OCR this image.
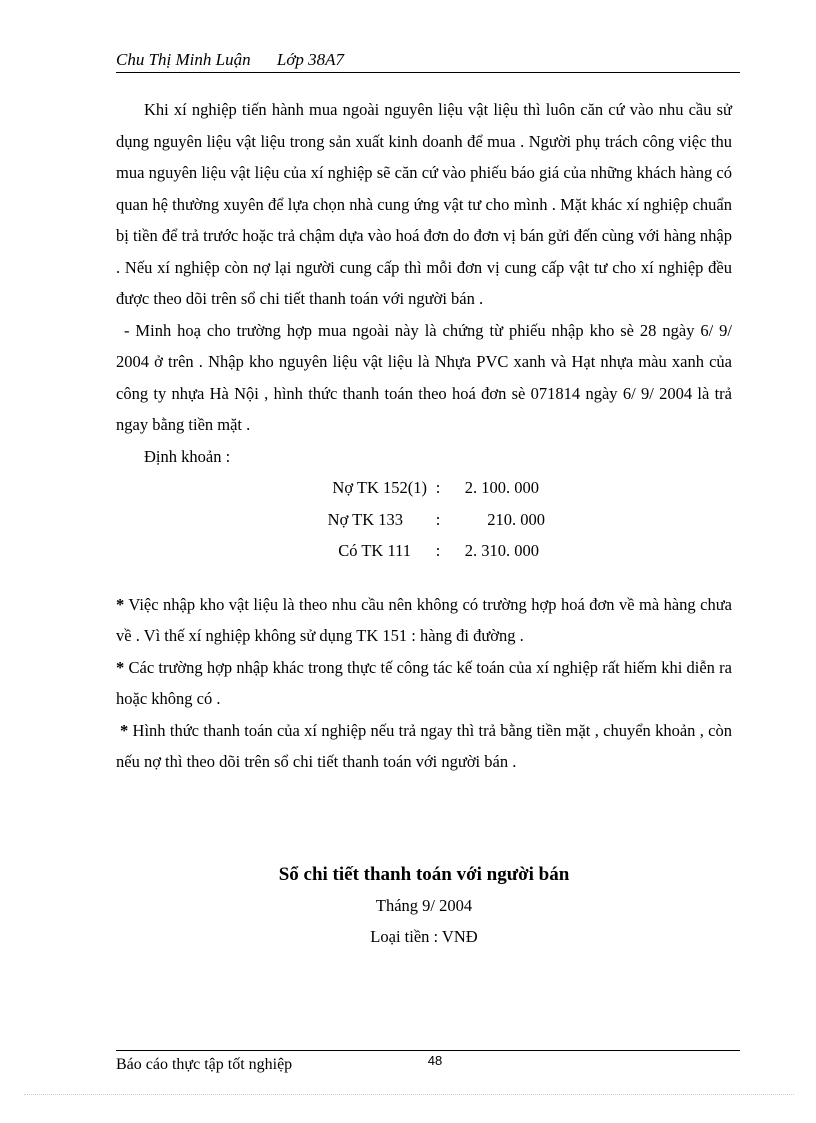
Chu Thị Minh Luận Lớp 38A7

Khi xí nghiệp tiến hành mua ngoài nguyên liệu vật liệu thì luôn căn cứ vào nhu cầu sử dụng nguyên liệu vật liệu trong sản xuất kinh doanh để mua . Người phụ trách công việc thu mua nguyên liệu vật liệu của xí nghiệp sẽ căn cứ vào phiếu báo giá của những khách hàng có quan hệ thường xuyên để lựa chọn nhà cung ứng vật tư cho mình . Mặt khác xí nghiệp chuẩn bị tiền để trả trước hoặc trả chậm dựa vào hoá đơn do đơn vị bán gửi đến cùng với hàng nhập . Nếu xí nghiệp còn nợ lại người cung cấp thì mỗi đơn vị cung cấp vật tư cho xí nghiệp đều được theo dõi trên sổ chi tiết thanh toán với người bán .

- Minh hoạ cho trường hợp mua ngoài này là chứng từ phiếu nhập kho sè 28 ngày 6/ 9/ 2004 ở trên . Nhập kho nguyên liệu vật liệu là Nhựa PVC xanh và Hạt nhựa màu xanh của công ty nhựa Hà Nội , hình thức thanh toán theo hoá đơn sè 071814 ngày 6/ 9/ 2004 là trả ngay bằng tiền mặt .

Định khoản :

Nợ TK 152(1) :	2. 100. 000
Nợ TK 133	:	210. 000
Có TK 111	:	2. 310. 000

* Việc nhập kho vật liệu là theo nhu cầu nên không có trường hợp hoá đơn về mà hàng chưa về . Vì thế xí nghiệp không sử dụng TK 151 : hàng đi đường .

* Các trường hợp nhập khác trong thực tế công tác kế toán của xí nghiệp rất hiếm khi diễn ra hoặc không có .

* Hình thức thanh toán của xí nghiệp nếu trả ngay thì trả bằng tiền mặt , chuyển khoản , còn nếu nợ thì theo dõi trên sổ chi tiết thanh toán với người bán .

Sổ chi tiết thanh toán với người bán

Tháng 9/ 2004

Loại tiền : VNĐ

Báo cáo thực tập tốt nghiệp	48
